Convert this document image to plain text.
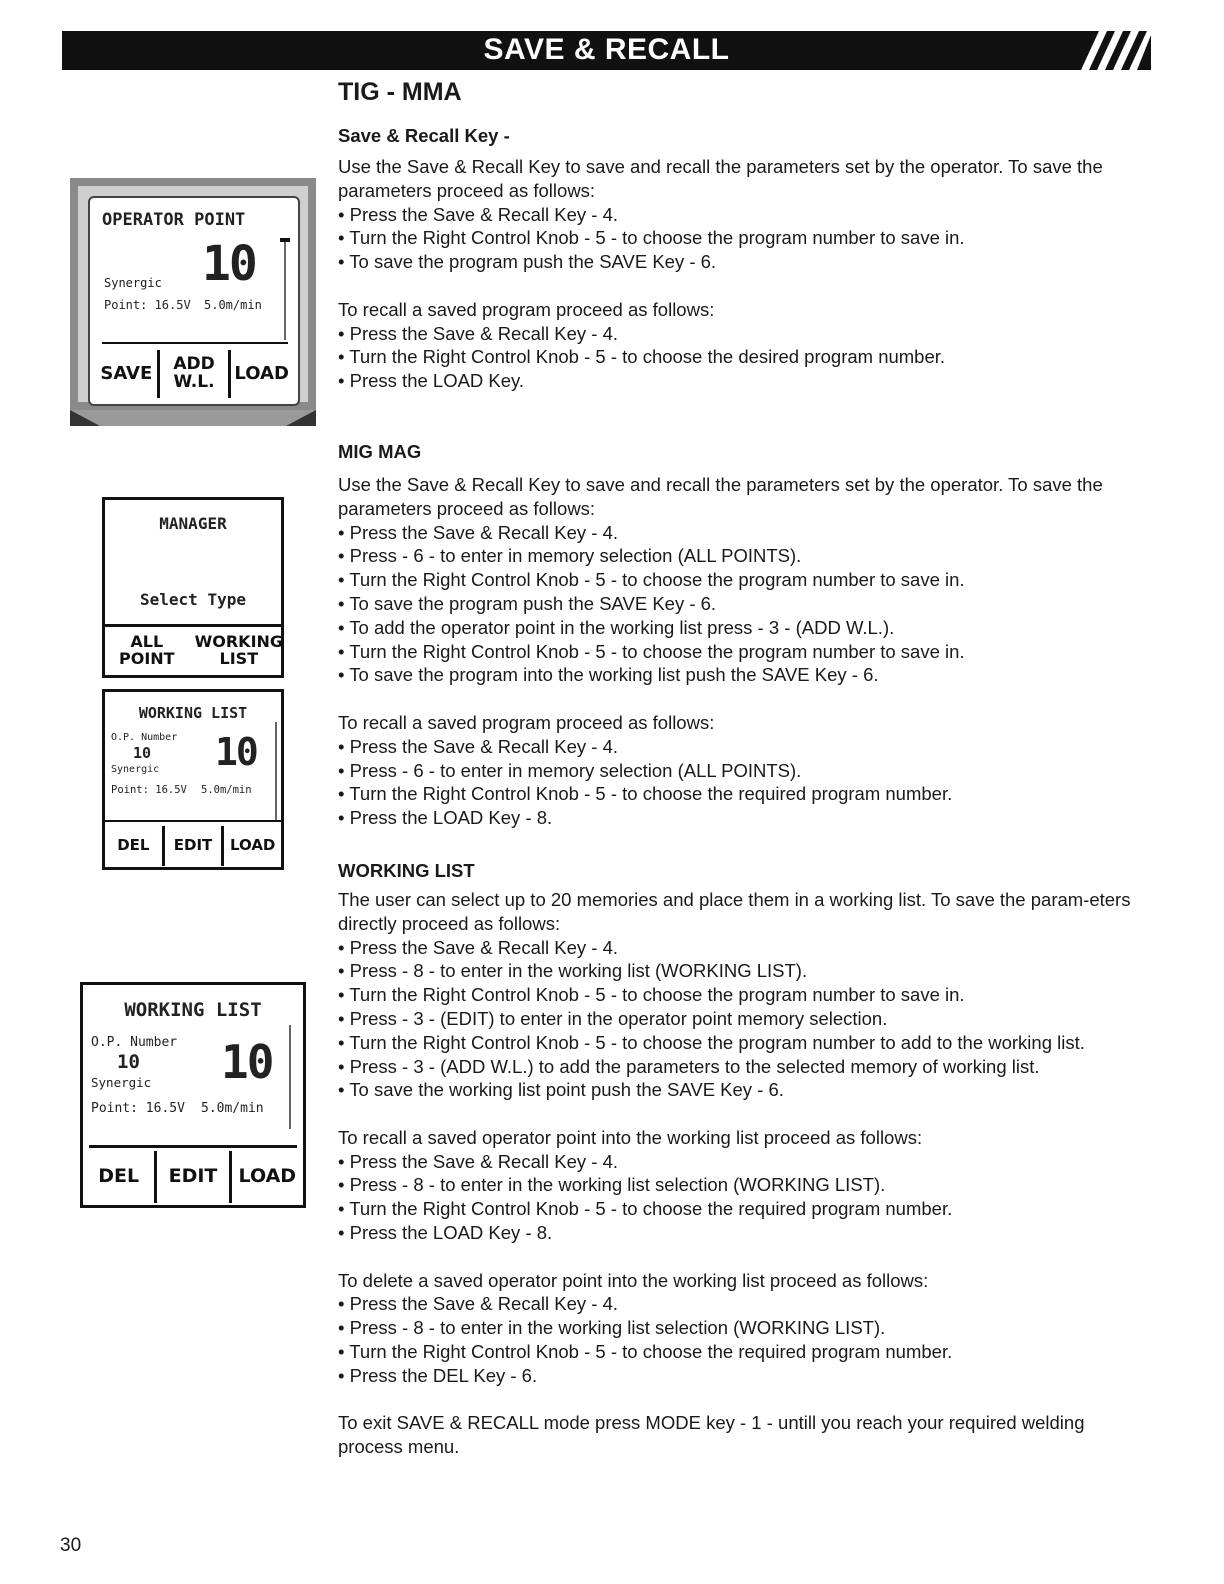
SAVE & RECALL
OPERATOR POINT
10
Synergic
Point: 16.5V 5.0m/min
SAVE	ADD W.L.	LOAD
MANAGER
Select Type
ALL POINT
WORKING LIST
WORKING LIST
O.P. Number
10 10
Synergic
Point: 16.5V 5.0m/min
DEL	EDIT	LOAD
WORKING LIST
O.P. Number
10 10
Synergic
Point: 16.5V 5.0m/min
DEL	EDIT	LOAD
TIG - MMA
Save & Recall Key -

Use the Save & Recall Key to save and recall the parameters set by the operator. To save the parameters proceed as follows:

• Press the Save & Recall Key - 4.
• Turn the Right Control Knob - 5 - to choose the program number to save in.
• To save the program push the SAVE Key - 6.

To recall a saved program proceed as follows:

• Press the Save & Recall Key - 4.
• Turn the Right Control Knob - 5 - to choose the desired program number.
• Press the LOAD Key.
MIG MAG

Use the Save & Recall Key to save and recall the parameters set by the operator. To save the parameters proceed as follows:

• Press the Save & Recall Key - 4.
• Press - 6 - to enter in memory selection (ALL POINTS).
• Turn the Right Control Knob - 5 - to choose the program number to save in.
• To save the program push the SAVE Key - 6.
• To add the operator point in the working list press - 3 - (ADD W.L.).
• Turn the Right Control Knob - 5 - to choose the program number to save in.
• To save the program into the working list push the SAVE Key - 6.

To recall a saved program proceed as follows:

• Press the Save & Recall Key - 4.
• Press - 6 - to enter in memory selection (ALL POINTS).
• Turn the Right Control Knob - 5 - to choose the required program number.
• Press the LOAD Key - 8.
WORKING LIST

The user can select up to 20 memories and place them in a working list. To save the param-eters directly proceed as follows:

• Press the Save & Recall Key - 4.
• Press - 8 - to enter in the working list (WORKING LIST).
• Turn the Right Control Knob - 5 - to choose the program number to save in.
• Press - 3 - (EDIT) to enter in the operator point memory selection.
• Turn the Right Control Knob - 5 - to choose the program number to add to the working list.
• Press - 3 - (ADD W.L.) to add the parameters to the selected memory of working list.
• To save the working list point push the SAVE Key - 6.

To recall a saved operator point into the working list proceed as follows:

• Press the Save & Recall Key - 4.
• Press - 8 - to enter in the working list selection (WORKING LIST).
• Turn the Right Control Knob - 5 - to choose the required program number.
• Press the LOAD Key - 8.

To delete a saved operator point into the working list proceed as follows:

• Press the Save & Recall Key - 4.
• Press - 8 - to enter in the working list selection (WORKING LIST).
• Turn the Right Control Knob - 5 - to choose the required program number.
• Press the DEL Key - 6.

To exit SAVE & RECALL mode press MODE key - 1 - untill you reach your required welding process menu.

30
